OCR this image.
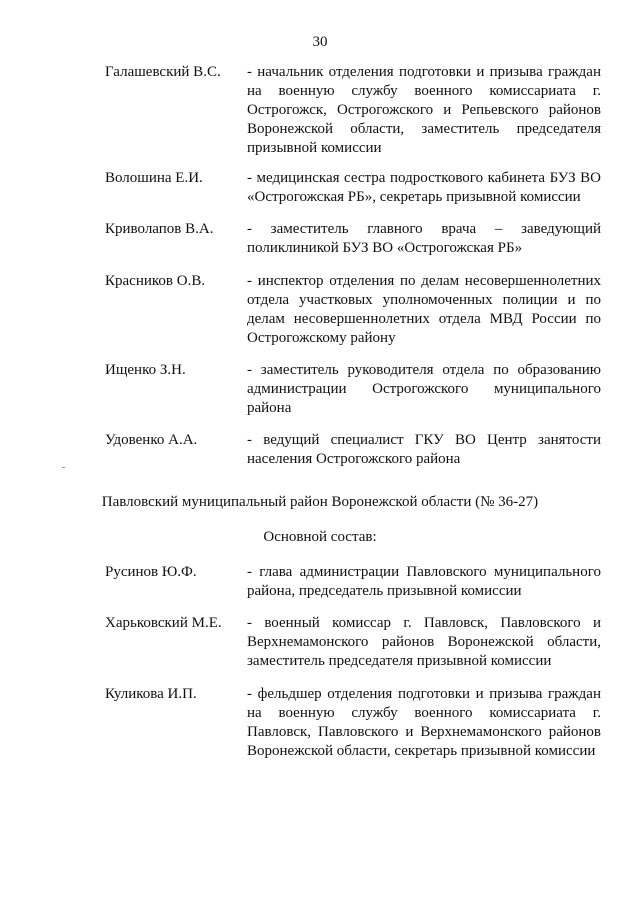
30
Галашевский В.С. - начальник отделения подготовки и призыва граждан на военную службу военного комиссариата г. Острогожск, Острогожского и Репьевского районов Воронежской области, заместитель председателя призывной комиссии
Волошина Е.И.	- медицинская сестра подросткового кабинета БУЗ ВО «Острогожская РБ», секретарь призывной комиссии
Криволапов В.А. - заместитель главного врача – заведующий поликлиникой БУЗ ВО «Острогожская РБ»
Красников О.В.	- инспектор отделения по делам несовершеннолетних отдела участковых уполномоченных полиции и по делам несовершеннолетних отдела МВД России по Острогожскому району
Ищенко З.Н.	- заместитель руководителя отдела по образованию администрации Острогожского муниципального района
Удовенко А.А.	- ведущий специалист ГКУ ВО Центр занятости населения Острогожского района
Павловский муниципальный район Воронежской области (№ 36-27)
Основной состав:
Русинов Ю.Ф.	- глава администрации Павловского муниципального района, председатель призывной комиссии
Харьковский М.Е. - военный комиссар г. Павловск, Павловского и Верхнемамонского районов Воронежской области, заместитель председателя призывной комиссии
Куликова И.П.	- фельдшер отделения подготовки и призыва граждан на военную службу военного комиссариата г. Павловск, Павловского и Верхнемамонского районов Воронежской области, секретарь призывной комиссии
